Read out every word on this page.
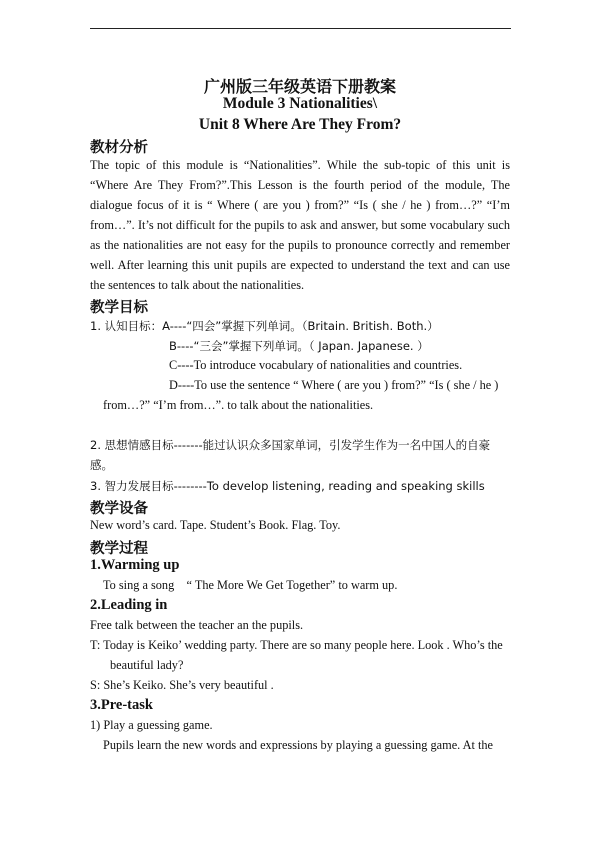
广州版三年级英语下册教案
Module 3 Nationalities\
Unit 8 Where Are They From?
教材分析
The topic of this module is “Nationalities”. While the sub-topic of this unit is “Where Are They From?”.This Lesson is the fourth period of the module, The dialogue focus of it is “ Where ( are you ) from?” “Is ( she / he ) from…?” “I’m from…”. It’s not difficult for the pupils to ask and answer, but some vocabulary such as the nationalities are not easy for the pupils to pronounce correctly and remember well. After learning this unit pupils are expected to understand the text and can use the sentences to talk about the nationalities.
教学目标
1. 认知目标：A----“四会”掌握下列单词。（Britain. British. Both.）
B----“三会”掌握下列单词。（ Japan. Japanese. ）
C----To introduce vocabulary of nationalities and countries.
D----To use the sentence “ Where ( are you ) from?” “Is ( she / he )
from…?” “I’m from…”. to talk about the nationalities.
2. 思想情感目标-------能过认识众多国家单词，引发学生作为一名中国人的自豪
感。
3. 智力发展目标--------To develop listening, reading and speaking skills
教学设备
New word’s card. Tape. Student’s Book. Flag. Toy.
教学过程
1.Warming up
To sing a song    “ The More We Get Together” to warm up.
2.Leading in
Free talk between the teacher an the pupils.
T: Today is Keiko’ wedding party. There are so many people here. Look . Who’s the
beautiful lady?
S: She’s Keiko. She’s very beautiful .
3.Pre-task
1) Play a guessing game.
Pupils learn the new words and expressions by playing a guessing game. At the
